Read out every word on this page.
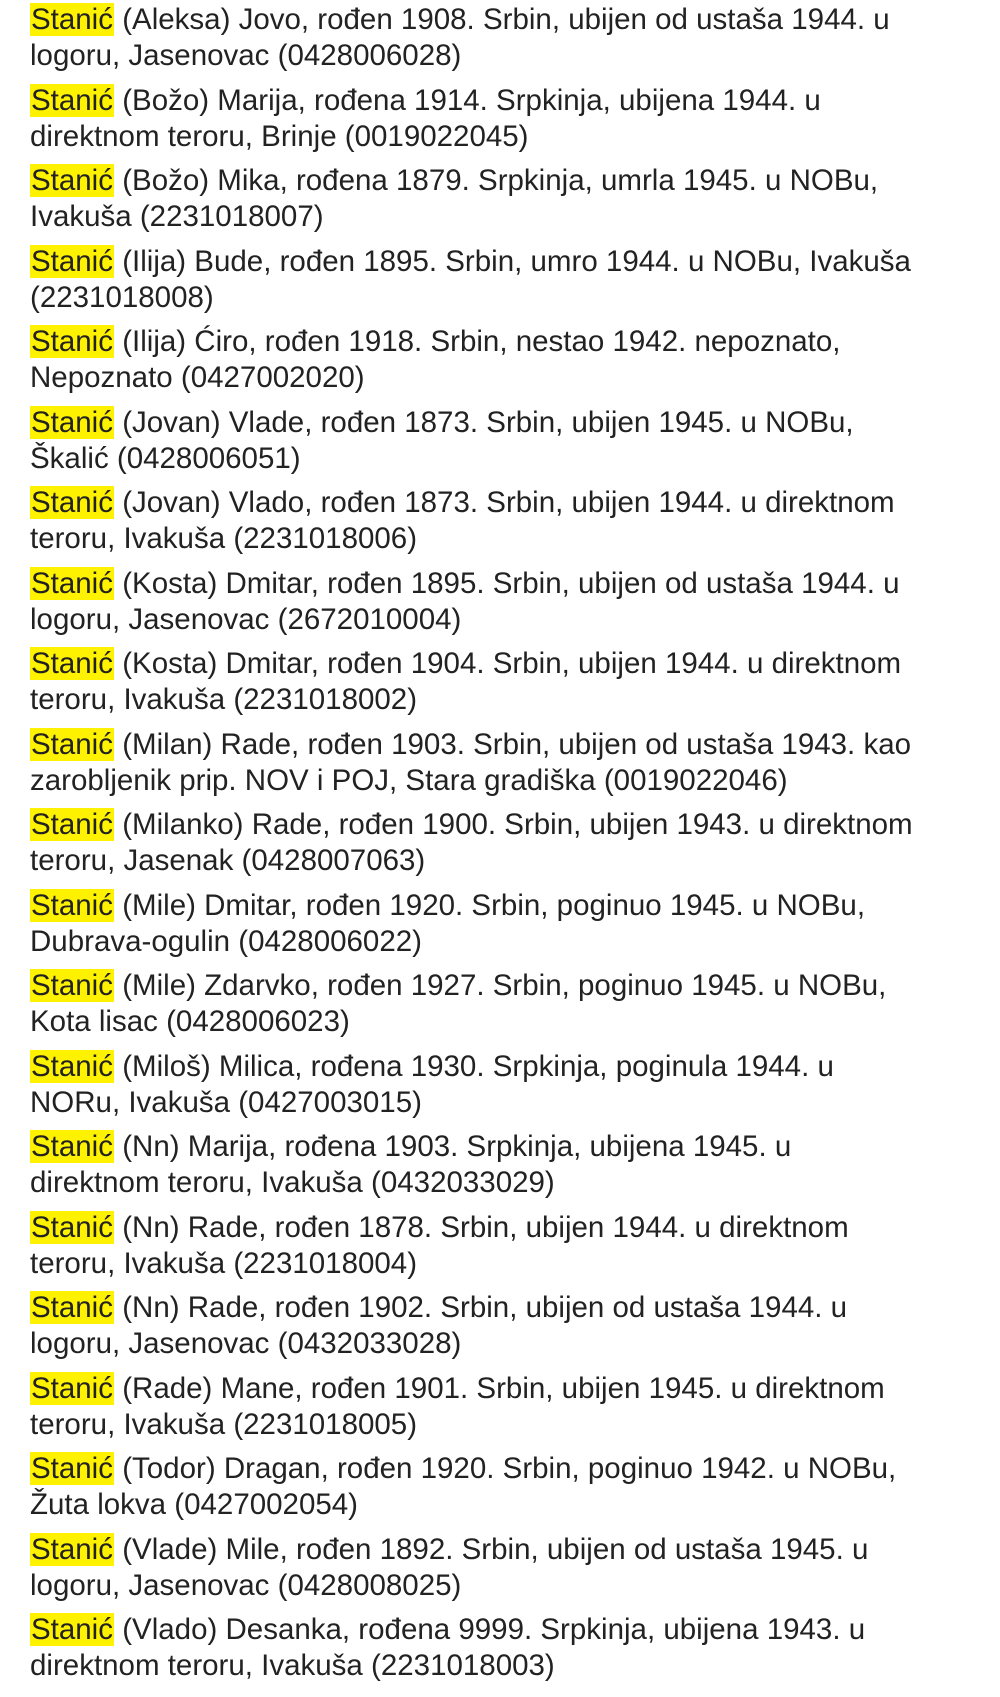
Stanić (Aleksa) Jovo, rođen 1908. Srbin, ubijen od ustaša 1944. u
logoru, Jasenovac (0428006028)

Stanić (Božo) Marija, rođena 1914. Srpkinja, ubijena 1944. u
direktnom teroru, Brinje (0019022045)

Stanić (Božo) Mika, rođena 1879. Srpkinja, umrla 1945. u NOBu,
Ivakuša (2231018007)

Stanić (Ilija) Bude, rođen 1895. Srbin, umro 1944. u NOBu, Ivakuša
(2231018008)

Stanić (Ilija) Ćiro, rođen 1918. Srbin, nestao 1942. nepoznato,
Nepoznato (0427002020)

Stanić (Jovan) Vlade, rođen 1873. Srbin, ubijen 1945. u NOBu,
Škalić (0428006051)

Stanić (Jovan) Vlado, rođen 1873. Srbin, ubijen 1944. u direktnom
teroru, Ivakuša (2231018006)

Stanić (Kosta) Dmitar, rođen 1895. Srbin, ubijen od ustaša 1944. u
logoru, Jasenovac (2672010004)

Stanić (Kosta) Dmitar, rođen 1904. Srbin, ubijen 1944. u direktnom
teroru, Ivakuša (2231018002)

Stanić (Milan) Rade, rođen 1903. Srbin, ubijen od ustaša 1943. kao
zarobljenik prip. NOV i POJ, Stara gradiška (0019022046)

Stanić (Milanko) Rade, rođen 1900. Srbin, ubijen 1943. u direktnom
teroru, Jasenak (0428007063)

Stanić (Mile) Dmitar, rođen 1920. Srbin, poginuo 1945. u NOBu,
Dubrava-ogulin (0428006022)

Stanić (Mile) Zdarvko, rođen 1927. Srbin, poginuo 1945. u NOBu,
Kota lisac (0428006023)

Stanić (Miloš) Milica, rođena 1930. Srpkinja, poginula 1944. u
NORu, Ivakuša (0427003015)

Stanić (Nn) Marija, rođena 1903. Srpkinja, ubijena 1945. u
direktnom teroru, Ivakuša (0432033029)

Stanić (Nn) Rade, rođen 1878. Srbin, ubijen 1944. u direktnom
teroru, Ivakuša (2231018004)

Stanić (Nn) Rade, rođen 1902. Srbin, ubijen od ustaša 1944. u
logoru, Jasenovac (0432033028)

Stanić (Rade) Mane, rođen 1901. Srbin, ubijen 1945. u direktnom
teroru, Ivakuša (2231018005)

Stanić (Todor) Dragan, rođen 1920. Srbin, poginuo 1942. u NOBu,
Žuta lokva (0427002054)

Stanić (Vlade) Mile, rođen 1892. Srbin, ubijen od ustaša 1945. u
logoru, Jasenovac (0428008025)

Stanić (Vlado) Desanka, rođena 9999. Srpkinja, ubijena 1943. u
direktnom teroru, Ivakuša (2231018003)
